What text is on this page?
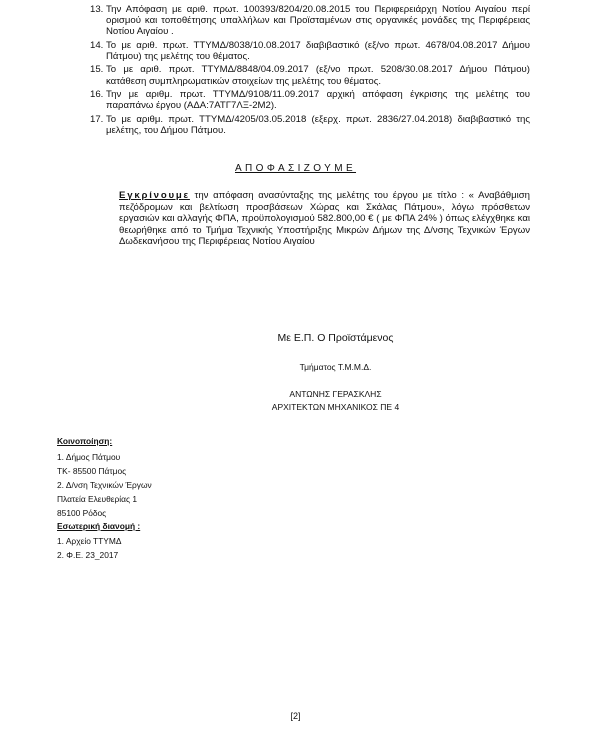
13. Την Απόφαση με αριθ. πρωτ. 100393/8204/20.08.2015 του Περιφερειάρχη Νοτίου Αιγαίου περί ορισμού και τοποθέτησης υπαλλήλων και Προϊσταμένων στις οργανικές μονάδες της Περιφέρειας Νοτίου Αιγαίου .
14. Το με αριθ. πρωτ. ΤΤΥΜΔ/8038/10.08.2017 διαβιβαστικό (εξ/νο πρωτ. 4678/04.08.2017 Δήμου Πάτμου) της μελέτης του θέματος.
15. Το με αριθ. πρωτ. ΤΤΥΜΔ/8848/04.09.2017 (εξ/νο πρωτ. 5208/30.08.2017 Δήμου Πάτμου) κατάθεση συμπληρωματικών στοιχείων της μελέτης του θέματος.
16. Την με αριθμ. πρωτ. ΤΤΥΜΔ/9108/11.09.2017 αρχική απόφαση έγκρισης της μελέτης του παραπάνω έργου (ΑΔΑ:7ΑΤΓ7ΛΞ-2Μ2).
17. Το με αριθμ. πρωτ. ΤΤΥΜΔ/4205/03.05.2018 (εξερχ. πρωτ. 2836/27.04.2018) διαβιβαστικό της μελέτης, του Δήμου Πάτμου.
ΑΠΟΦΑΣΙΖΟΥΜΕ
Εγκρίνουμε την απόφαση ανασύνταξης της μελέτης του έργου με τίτλο : « Αναβάθμιση πεζόδρομων και βελτίωση προσβάσεων Χώρας και Σκάλας Πάτμου», λόγω πρόσθετων εργασιών και αλλαγής ΦΠΑ, προϋπολογισμού 582.800,00 € ( με ΦΠΑ 24% ) όπως ελέγχθηκε και θεωρήθηκε από το Τμήμα Τεχνικής Υποστήριξης Μικρών Δήμων της Δ/νσης Τεχνικών Έργων Δωδεκανήσου της Περιφέρειας Νοτίου Αιγαίου
Με Ε.Π. Ο Προϊστάμενος
Τμήματος Τ.Μ.Μ.Δ.
ΑΝΤΩΝΗΣ ΓΕΡΑΣΚΛΗΣ
ΑΡΧΙΤΕΚΤΩΝ ΜΗΧΑΝΙΚΟΣ ΠΕ 4
Κοινοποίηση:
1. Δήμος Πάτμου
ΤΚ- 85500 Πάτμος
2. Δ/νση Τεχνικών Έργων
Πλατεία Ελευθερίας 1
85100 Ρόδος
Εσωτερική διανομή :
1. Αρχείο ΤΤΥΜΔ
2. Φ.Ε. 23_2017
[2]
